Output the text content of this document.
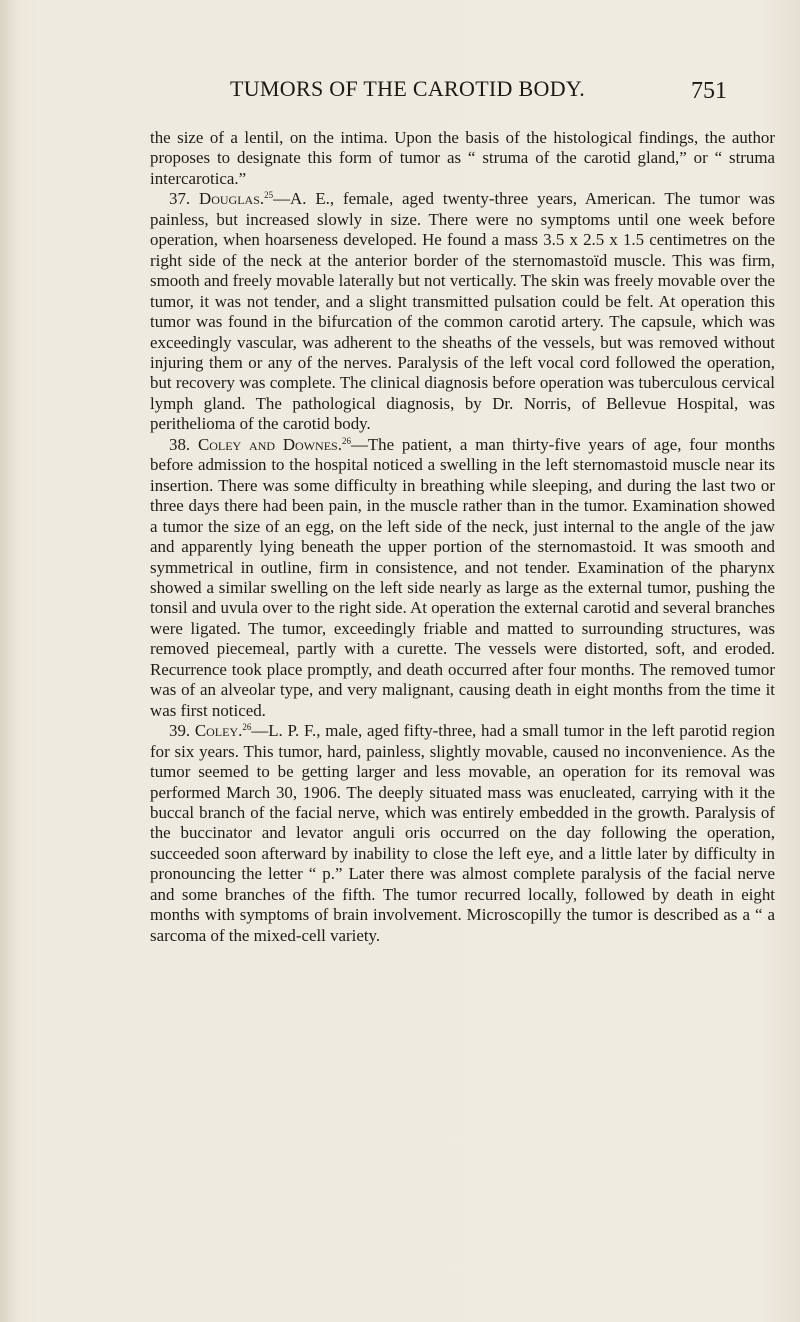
TUMORS OF THE CAROTID BODY.	751

the size of a lentil, on the intima. Upon the basis of the histological findings, the author proposes to designate this form of tumor as “ struma of the carotid gland,” or “ struma intercarotica.”

37. Douglas.$^{25}$—A. E., female, aged twenty-three years, American. The tumor was painless, but increased slowly in size. There were no symptoms until one week before operation, when hoarseness developed. He found a mass 3.5 x 2.5 x 1.5 centimetres on the right side of the neck at the anterior border of the sternomastoïd muscle. This was firm, smooth and freely movable laterally but not vertically. The skin was freely movable over the tumor, it was not tender, and a slight transmitted pulsation could be felt. At operation this tumor was found in the bifurcation of the common carotid artery. The capsule, which was exceedingly vascular, was adherent to the sheaths of the vessels, but was removed without injuring them or any of the nerves. Paralysis of the left vocal cord followed the operation, but recovery was complete. The clinical diagnosis before operation was tuberculous cervical lymph gland. The pathological diagnosis, by Dr. Norris, of Bellevue Hospital, was perithelioma of the carotid body.

38. Coley and Downes.$^{26}$—The patient, a man thirty-five years of age, four months before admission to the hospital noticed a swelling in the left sternomastoid muscle near its insertion. There was some difficulty in breathing while sleeping, and during the last two or three days there had been pain, in the muscle rather than in the tumor. Examination showed a tumor the size of an egg, on the left side of the neck, just internal to the angle of the jaw and apparently lying beneath the upper portion of the sternomastoid. It was smooth and symmetrical in outline, firm in consistence, and not tender. Examination of the pharynx showed a similar swelling on the left side nearly as large as the external tumor, pushing the tonsil and uvula over to the right side. At operation the external carotid and several branches were ligated. The tumor, exceedingly friable and matted to surrounding structures, was removed piecemeal, partly with a curette. The vessels were distorted, soft, and eroded. Recurrence took place promptly, and death occurred after four months. The removed tumor was of an alveolar type, and very malignant, causing death in eight months from the time it was first noticed.

39. Coley.$^{26}$—L. P. F., male, aged fifty-three, had a small tumor in the left parotid region for six years. This tumor, hard, painless, slightly movable, caused no inconvenience. As the tumor seemed to be getting larger and less movable, an operation for its removal was performed March 30, 1906. The deeply situated mass was enucleated, carrying with it the buccal branch of the facial nerve, which was entirely embedded in the growth. Paralysis of the buccinator and levator anguli oris occurred on the day following the operation, succeeded soon afterward by inability to close the left eye, and a little later by difficulty in pronouncing the letter “ p.” Later there was almost complete paralysis of the facial nerve and some branches of the fifth. The tumor recurred locally, followed by death in eight months with symptoms of brain involvement. Microscopilly the tumor is described as a “ a sarcoma of the mixed-cell variety.
